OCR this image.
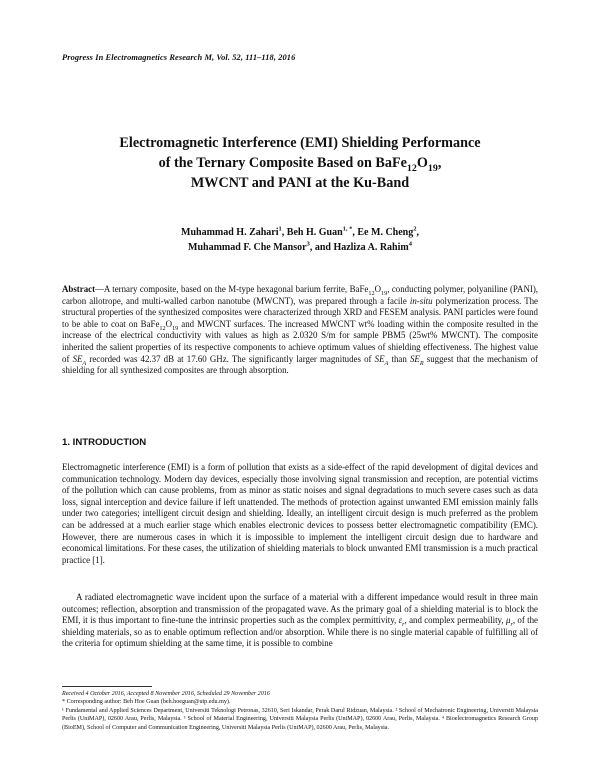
Progress In Electromagnetics Research M, Vol. 52, 111–118, 2016
Electromagnetic Interference (EMI) Shielding Performance
of the Ternary Composite Based on $BaFe_{12}O_{19}$,
MWCNT and PANI at the Ku-Band
Muhammad H. Zahari$^1$, Beh H. Guan$^{1, *}$, Ee M. Cheng$^2$,
Muhammad F. Che Mansor$^3$, and Hazliza A. Rahim$^4$
Abstract—A ternary composite, based on the M-type hexagonal barium ferrite, $BaFe_{12}O_{19}$, conducting polymer, polyaniline (PANI), carbon allotrope, and multi-walled carbon nanotube (MWCNT), was prepared through a facile in-situ polymerization process. The structural properties of the synthesized composites were characterized through XRD and FESEM analysis. PANI particles were found to be able to coat on $BaFe_{12}O_{19}$ and MWCNT surfaces. The increased MWCNT wt% loading within the composite resulted in the increase of the electrical conductivity with values as high as 2.0320 S/m for sample PBM5 (25wt% MWCNT). The composite inherited the salient properties of its respective components to achieve optimum values of shielding effectiveness. The highest value of $SE_A$ recorded was 42.37 dB at 17.60 GHz. The significantly larger magnitudes of $SE_A$ than $SE_R$ suggest that the mechanism of shielding for all synthesized composites are through absorption.
1. INTRODUCTION
Electromagnetic interference (EMI) is a form of pollution that exists as a side-effect of the rapid development of digital devices and communication technology. Modern day devices, especially those involving signal transmission and reception, are potential victims of the pollution which can cause problems, from as minor as static noises and signal degradations to much severe cases such as data loss, signal interception and device failure if left unattended. The methods of protection against unwanted EMI emission mainly falls under two categories; intelligent circuit design and shielding. Ideally, an intelligent circuit design is much preferred as the problem can be addressed at a much earlier stage which enables electronic devices to possess better electromagnetic compatibility (EMC). However, there are numerous cases in which it is impossible to implement the intelligent circuit design due to hardware and economical limitations. For these cases, the utilization of shielding materials to block unwanted EMI transmission is a much practical practice [1].
A radiated electromagnetic wave incident upon the surface of a material with a different impedance would result in three main outcomes; reflection, absorption and transmission of the propagated wave. As the primary goal of a shielding material is to block the EMI, it is thus important to fine-tune the intrinsic properties such as the complex permittivity, $\varepsilon_r$, and complex permeability, $\mu_r$, of the shielding materials, so as to enable optimum reflection and/or absorption. While there is no single material capable of fulfilling all of the criteria for optimum shielding at the same time, it is possible to combine
Received 4 October 2016, Accepted 8 November 2016, Scheduled 29 November 2016
* Corresponding author: Beh Hoe Guan (beh.hoeguan@utp.edu.my).
¹ Fundamental and Applied Sciences Department, Universiti Teknologi Petronas, 32610, Seri Iskandar, Perak Darul Ridzuan, Malaysia. ² School of Mechatronic Engineering, Universiti Malaysia Perlis (UniMAP), 02600 Arau, Perlis, Malaysia. ³ School of Material Engineering, Universiti Malaysia Perlis (UniMAP), 02600 Arau, Perlis, Malaysia. ⁴ Bioelectromagnetics Research Group (BioEM), School of Computer and Communication Engineering, Universiti Malaysia Perlis (UniMAP), 02600 Arau, Perlis, Malaysia.
